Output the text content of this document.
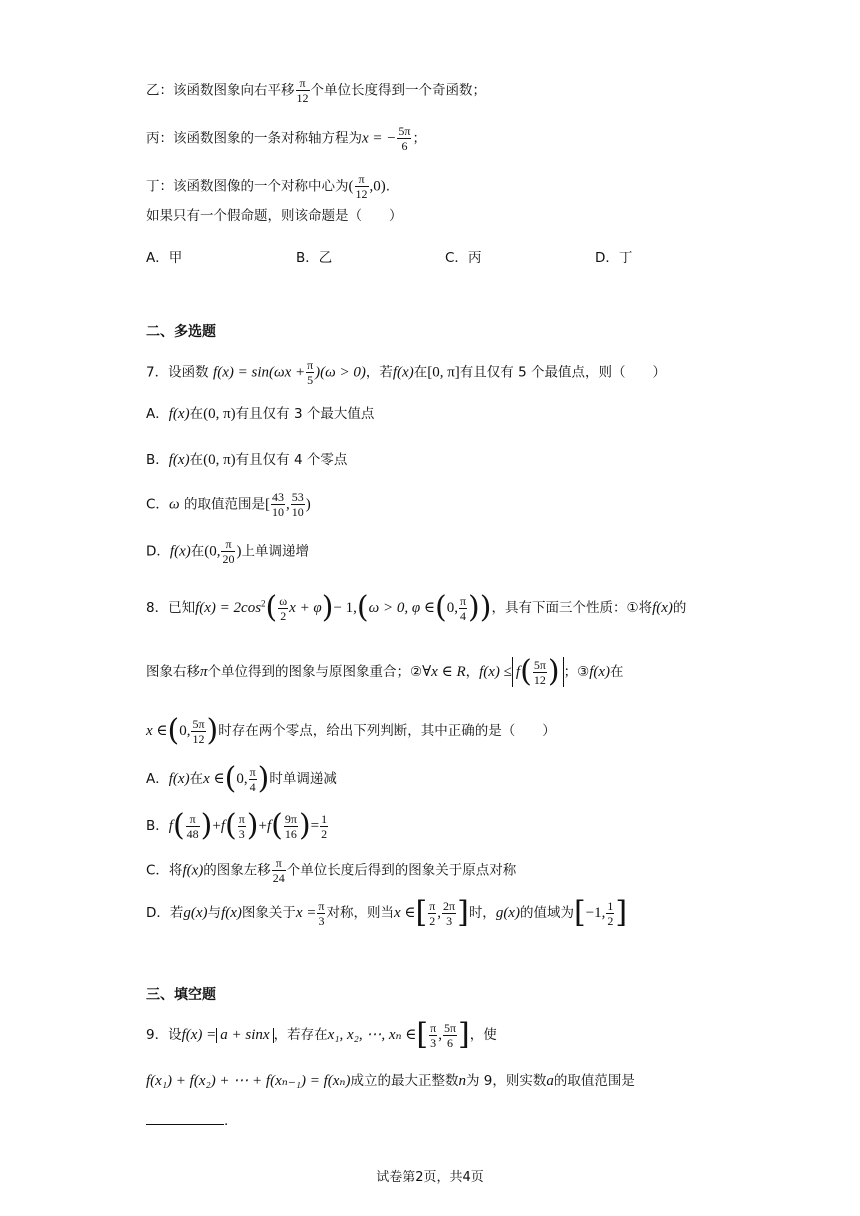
乙：该函数图象向右平移 $\frac{\pi}{12}$ 个单位长度得到一个奇函数；
丙：该函数图象的一条对称轴方程为x = − $\frac{5\pi}{6}$ ；
丁：该函数图像的一个对称中心为( $\frac{\pi}{12} ,0$).
如果只有一个假命题，则该命题是（　　）
A．甲	B．乙	C．丙	D．丁
二、多选题
7．设函数 $f(x) = \sin(\omega x + \frac{\pi}{5} )(\omega > 0)$，若f(x)在[0, π]有且仅有 5 个最值点，则（　　）
A．f(x)在(0, π)有且仅有 3 个最大值点
B．f(x)在(0, π)有且仅有 4 个零点
C．ω 的取值范围是[ $\frac{43}{10}$ , $\frac{53}{10}$ )
D．f(x)在(0, $\frac{\pi}{20}$ )上单调递增
8．已知$f(x) = 2\cos^2( \frac{\omega}{2}$ x + φ)− 1,(ω > 0, φ ∈(0, $\frac{\pi}{4}$ ))，具有下面三个性质：①将f(x)的
图象右移π个单位得到的图象与原图象重合；②∀x ∈ R，$f(x) \le f( \frac{5\pi}{12}$ ) ；③f(x)在
x ∈(0, $\frac{5\pi}{12}$ )时存在两个零点，给出下列判断，其中正确的是（　　）
A．f(x)在x ∈(0, $\frac{\pi}{4}$ )时单调递减
B．$f( \frac{\pi}{48} )+f( \frac{\pi}{3} )+f( \frac{9\pi}{16}$ )= $\frac{1}{2}$
C．将f(x)的图象左移 $\frac{\pi}{24}$ 个单位长度后得到的图象关于原点对称
D．若g(x)与f(x)图象关于$x = \frac{\pi}{3}$ 对称，则当x ∈[ $\frac{\pi}{2}$ , $\frac{2\pi}{3}$ ]时，g(x)的值域为[−1, $\frac{1}{2}$ ]
三、填空题
9．设f(x) = a + sinx ，若存在x₁, x₂, ⋯, xₙ ∈[ $\frac{\pi}{3}$ , $\frac{5\pi}{6}$ ]，使
f(x₁) + f(x₂) + ⋯ + f(xₙ₋₁) = f(xₙ)成立的最大正整数n为 9，则实数a的取值范围是
.
试卷第2页，共4页
